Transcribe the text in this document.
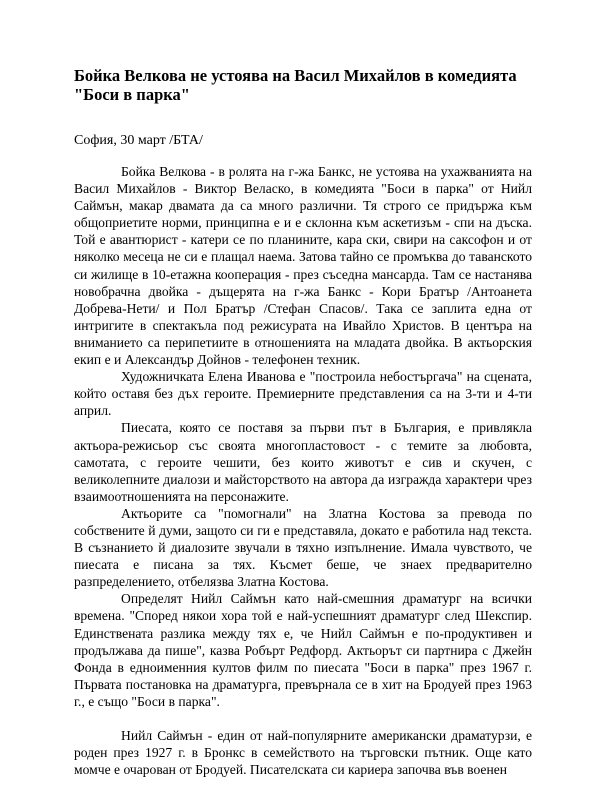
Бойка Велкова не устоява на Васил Михайлов в комедията "Боси в парка"

София, 30 март /БТА/

Бойка Велкова - в ролята на г-жа Банкс, не устоява на ухажванията на Васил Михайлов - Виктор Веласко, в комедията "Боси в парка" от Нийл Саймън, макар двамата да са много различни. Тя строго се придържа към общоприетите норми, принципна е и е склонна към аскетизъм - спи на дъска. Той е авантюрист - катери се по планините, кара ски, свири на саксофон и от няколко месеца не си е плащал наема. Затова тайно се промъква до таванското си жилище в 10-етажна кооперация - през съседна мансарда. Там се настанява новобрачна двойка - дъщерята на г-жа Банкс - Кори Братър /Антоанета Добрева-Нети/ и Пол Братър /Стефан Спасов/. Така се заплита една от интригите в спектакъла под режисурата на Ивайло Христов. В центъра на вниманието са перипетиите в отношенията на младата двойка. В актьорския екип е и Александър Дойнов - телефонен техник.

Художничката Елена Иванова е "построила небостъргача" на сцената, който оставя без дъх героите. Премиерните представления са на 3-ти и 4-ти април.

Пиесата, която се поставя за първи път в България, е привлякла актьора-режисьор със своята многопластовост - с темите за любовта, самотата, с героите чешити, без които животът е сив и скучен, с великолепните диалози и майсторството на автора да изгражда характери чрез взаимоотношенията на персонажите.

Актьорите са "помогнали" на Златна Костова за превода по собствените й думи, защото си ги е представяла, докато е работила над текста. В съзнанието й диалозите звучали в тяхно изпълнение. Имала чувството, че пиесата е писана за тях. Късмет беше, че знаех предварително разпределението, отбелязва Златна Костова.

Определят Нийл Саймън като най-смешния драматург на всички времена. "Според някои хора той е най-успешният драматург след Шекспир. Единствената разлика между тях е, че Нийл Саймън е по-продуктивен и продължава да пише", казва Робърт Редфорд. Актьорът си партнира с Джейн Фонда в едноименния култов филм по пиесата "Боси в парка" през 1967 г. Първата постановка на драматурга, превърнала се в хит на Бродуей през 1963 г., е също "Боси в парка".

Нийл Саймън - един от най-популярните американски драматурзи, е роден през 1927 г. в Бронкс в семейството на търговски пътник. Още като момче е очарован от Бродуей. Писателската си кариера започва във военен
